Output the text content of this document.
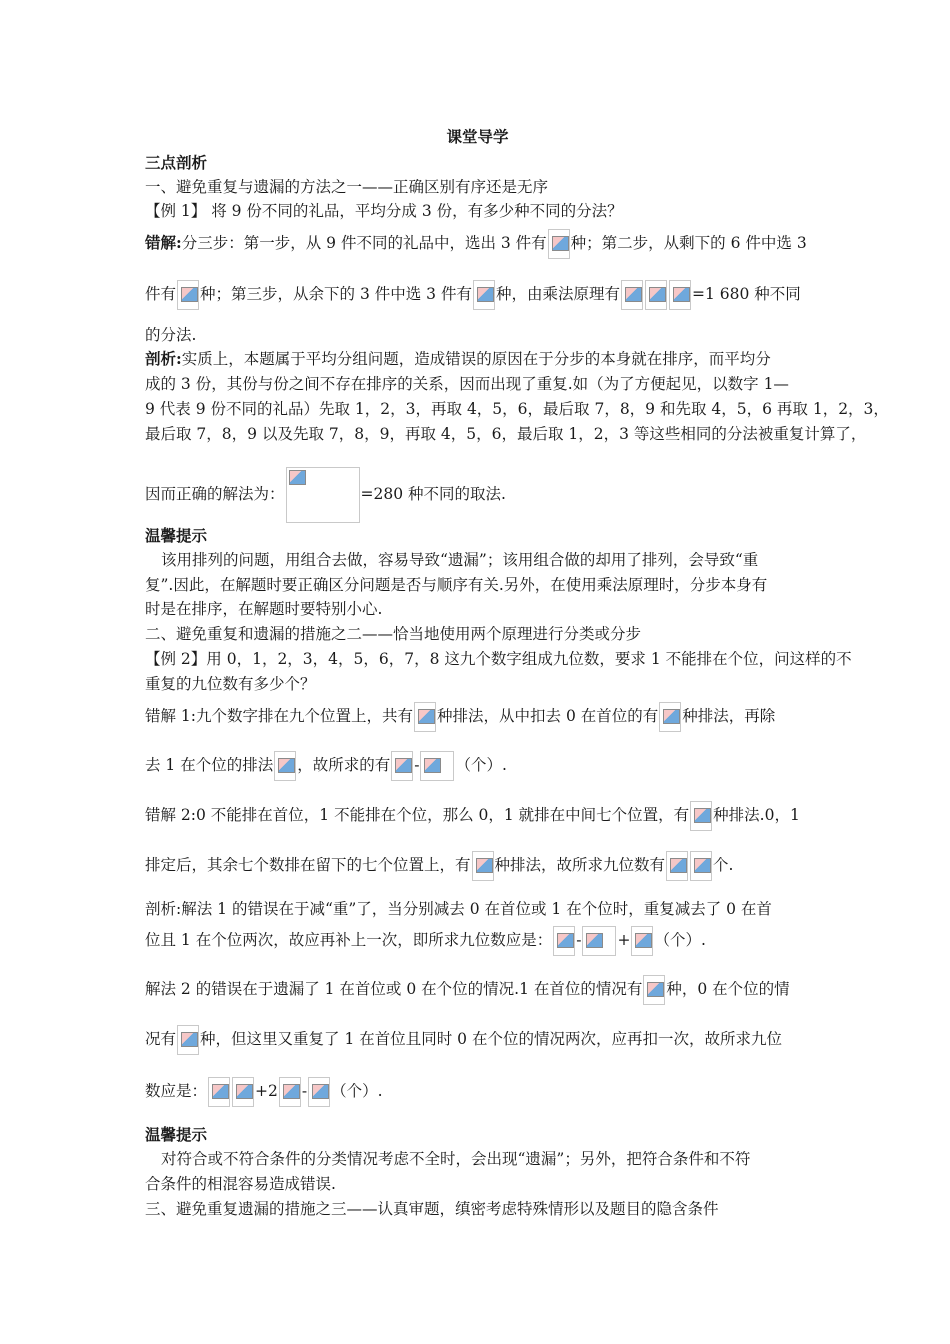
课堂导学
三点剖析
一、避免重复与遗漏的方法之一——正确区别有序还是无序
【例 1】 将 9 份不同的礼品，平均分成 3 份，有多少种不同的分法？
错解:分三步：第一步，从 9 件不同的礼品中，选出 3 件有 种；第二步，从剩下的 6 件中选 3
件有 种；第三步，从余下的 3 件中选 3 件有 种，由乘法原理有	=1 680 种不同
的分法.
剖析:实质上，本题属于平均分组问题，造成错误的原因在于分步的本身就在排序，而平均分
成的 3 份，其份与份之间不存在排序的关系，因而出现了重复.如（为了方便起见，以数字 1—
9 代表 9 份不同的礼品）先取 1，2，3，再取 4，5，6，最后取 7，8，9 和先取 4，5，6 再取 1，2，3，
最后取 7，8，9 以及先取 7，8，9，再取 4，5，6，最后取 1，2，3 等这些相同的分法被重复计算了，
因而正确的解法为：	=280 种不同的取法.
温馨提示
该用排列的问题，用组合去做，容易导致“遗漏”；该用组合做的却用了排列，会导致“重
复”.因此，在解题时要正确区分问题是否与顺序有关.另外，在使用乘法原理时，分步本身有
时是在排序，在解题时要特别小心.
二、避免重复和遗漏的措施之二——恰当地使用两个原理进行分类或分步
【例 2】用 0，1，2，3，4，5，6，7，8 这九个数字组成九位数，要求 1 不能排在个位，问这样的不
重复的九位数有多少个？
错解 1:九个数字排在九个位置上，共有 种排法，从中扣去 0 在首位的有 种排法，再除
去 1 在个位的排法 ，故所求的有 - （个）.
错解 2:0 不能排在首位，1 不能排在个位，那么 0，1 就排在中间七个位置，有 种排法.0，1
排定后，其余七个数排在留下的七个位置上，有 种排法，故所求九位数有	个.
剖析:解法 1 的错误在于减“重”了，当分别减去 0 在首位或 1 在个位时，重复减去了 0 在首
位且 1 在个位两次，故应再补上一次，即所求九位数应是： - + （个）.
解法 2 的错误在于遗漏了 1 在首位或 0 在个位的情况.1 在首位的情况有 种，0 在个位的情
况有 种，但这里又重复了 1 在首位且同时 0 在个位的情况两次，应再扣一次，故所求九位
数应是：	+2 - （个）.
温馨提示
对符合或不符合条件的分类情况考虑不全时，会出现“遗漏”；另外，把符合条件和不符
合条件的相混容易造成错误.
三、避免重复遗漏的措施之三——认真审题，缜密考虑特殊情形以及题目的隐含条件
